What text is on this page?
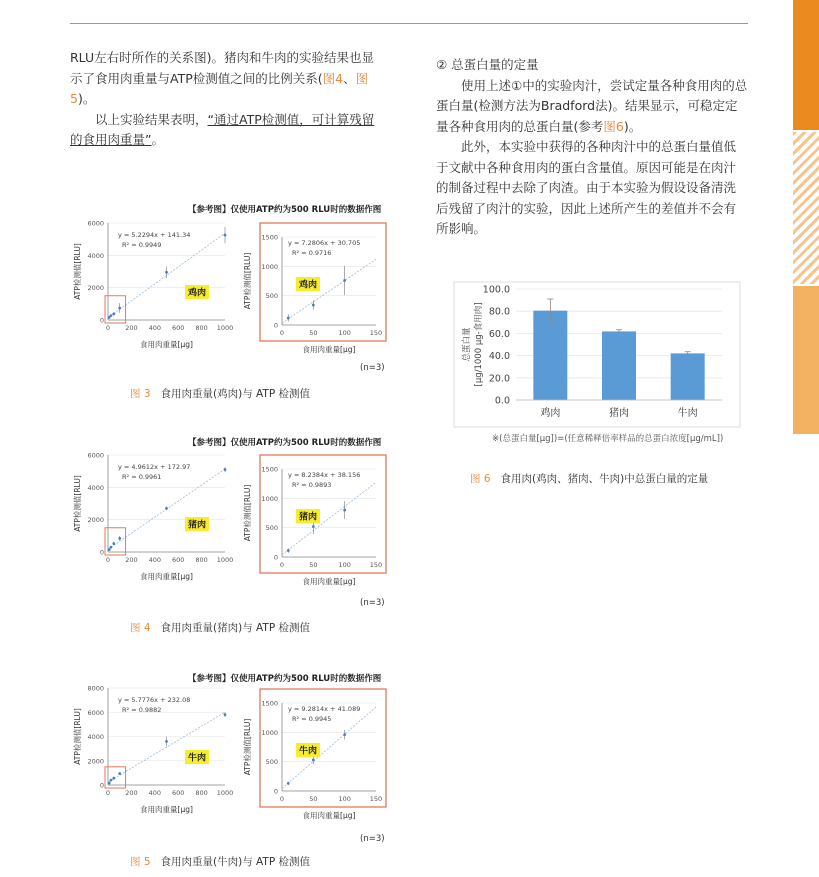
RLU左右时所作的关系图)。猪肉和牛肉的实验结果也显示了食用肉重量与ATP检测值之间的比例关系(图4、图5)。

以上实验结果表明，“通过ATP检测值，可计算残留的食用肉重量”。

② 总蛋白量的定量

使用上述①中的实验肉汁，尝试定量各种食用肉的总蛋白量(检测方法为Bradford法)。结果显示，可稳定定量各种食用肉的总蛋白量(参考图6)。

此外，本实验中获得的各种肉汁中的总蛋白量值低于文献中各种食用肉的蛋白含量值。原因可能是在肉汁的制备过程中去除了肉渣。由于本实验为假设设备清洗后残留了肉汁的实验，因此上述所产生的差值并不会有所影响。

【参考图】仅使用ATP约为500 RLU时的数据作图
0
2000
4000
6000
0 200 400 600 800 1000
y = 5.2294x + 141.34
R² = 0.9949
食用肉重量[μg]
ATP检测值[RLU]	鸡肉
0
500
1000
1500
0	50	100	150
y = 7.2806x + 30.705
R² = 0.9716
ATP检测值[RLU]	鸡肉
食用肉重量[μg]
(n=3)
图 3 食用肉重量(鸡肉)与 ATP 检测值
【参考图】仅使用ATP约为500 RLU时的数据作图
0
2000
4000
6000
0 200 400 600 800 1000
y = 4.9612x + 172.97
R² = 0.9961
食用肉重量[μg]
ATP检测值[RLU]	猪肉
0
500
1000
1500
0	50	100	150
y = 8.2384x + 38.156
R² = 0.9893
ATP检测值[RLU]	猪肉
食用肉重量[μg]
(n=3)
图 4 食用肉重量(猪肉)与 ATP 检测值
【参考图】仅使用ATP约为500 RLU时的数据作图
0
2000
4000
6000
8000
0 200 400 600 800 1000
y = 5.7776x + 232.08
R² = 0.9882
食用肉重量[μg]
ATP检测值[RLU]	牛肉
0
500
1000
1500
0	50	100	150
y = 9.2814x + 41.089
R² = 0.9945
ATP检测值[RLU]	牛肉
食用肉重量[μg]
(n=3)
图 5 食用肉重量(牛肉)与 ATP 检测值
0.0
20.0
40.0
60.0
80.0
100.0
鸡肉	猪肉	牛肉
总蛋白量 [μg/1000 μg-食用肉]
※(总蛋白量[μg])=(任意稀释倍率样品的总蛋白浓度[μg/mL])
图 6 食用肉(鸡肉、猪肉、牛肉)中总蛋白量的定量
